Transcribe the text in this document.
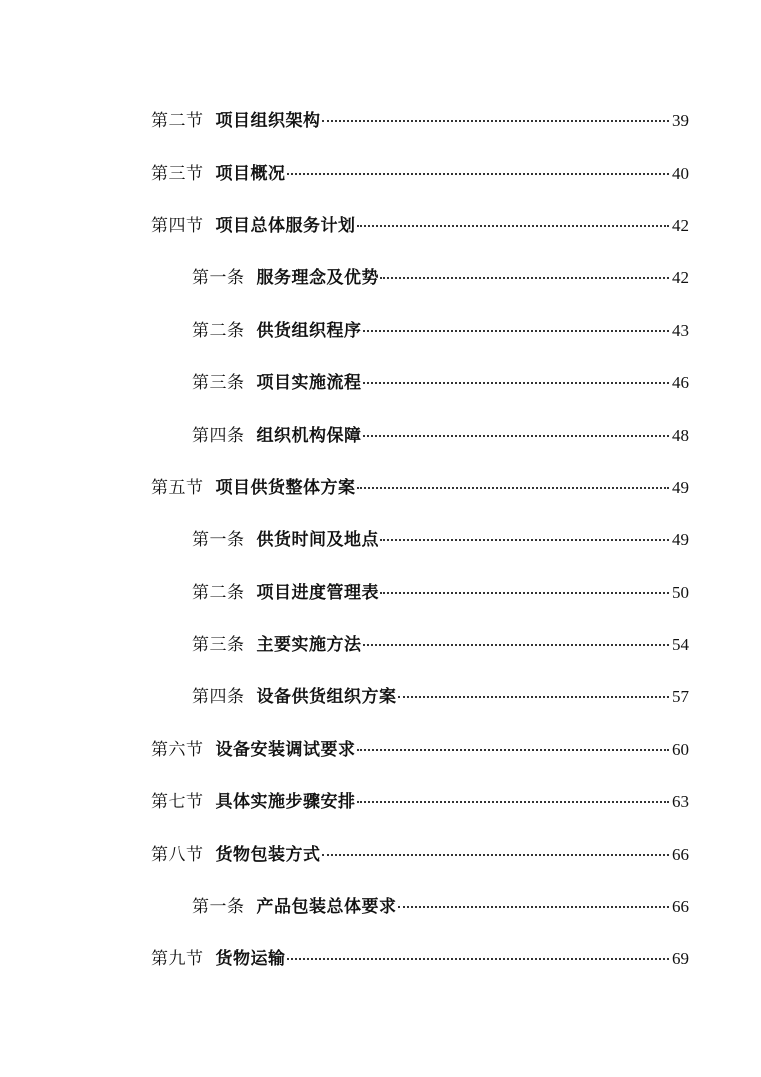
第二节 项目组织架构	39
第三节 项目概况	40
第四节 项目总体服务计划	42
第一条 服务理念及优势	42
第二条 供货组织程序	43
第三条 项目实施流程	46
第四条 组织机构保障	48
第五节 项目供货整体方案	49
第一条 供货时间及地点	49
第二条 项目进度管理表	50
第三条 主要实施方法	54
第四条 设备供货组织方案	57
第六节 设备安装调试要求	60
第七节 具体实施步骤安排	63
第八节 货物包装方式	66
第一条 产品包装总体要求	66
第九节 货物运输	69
